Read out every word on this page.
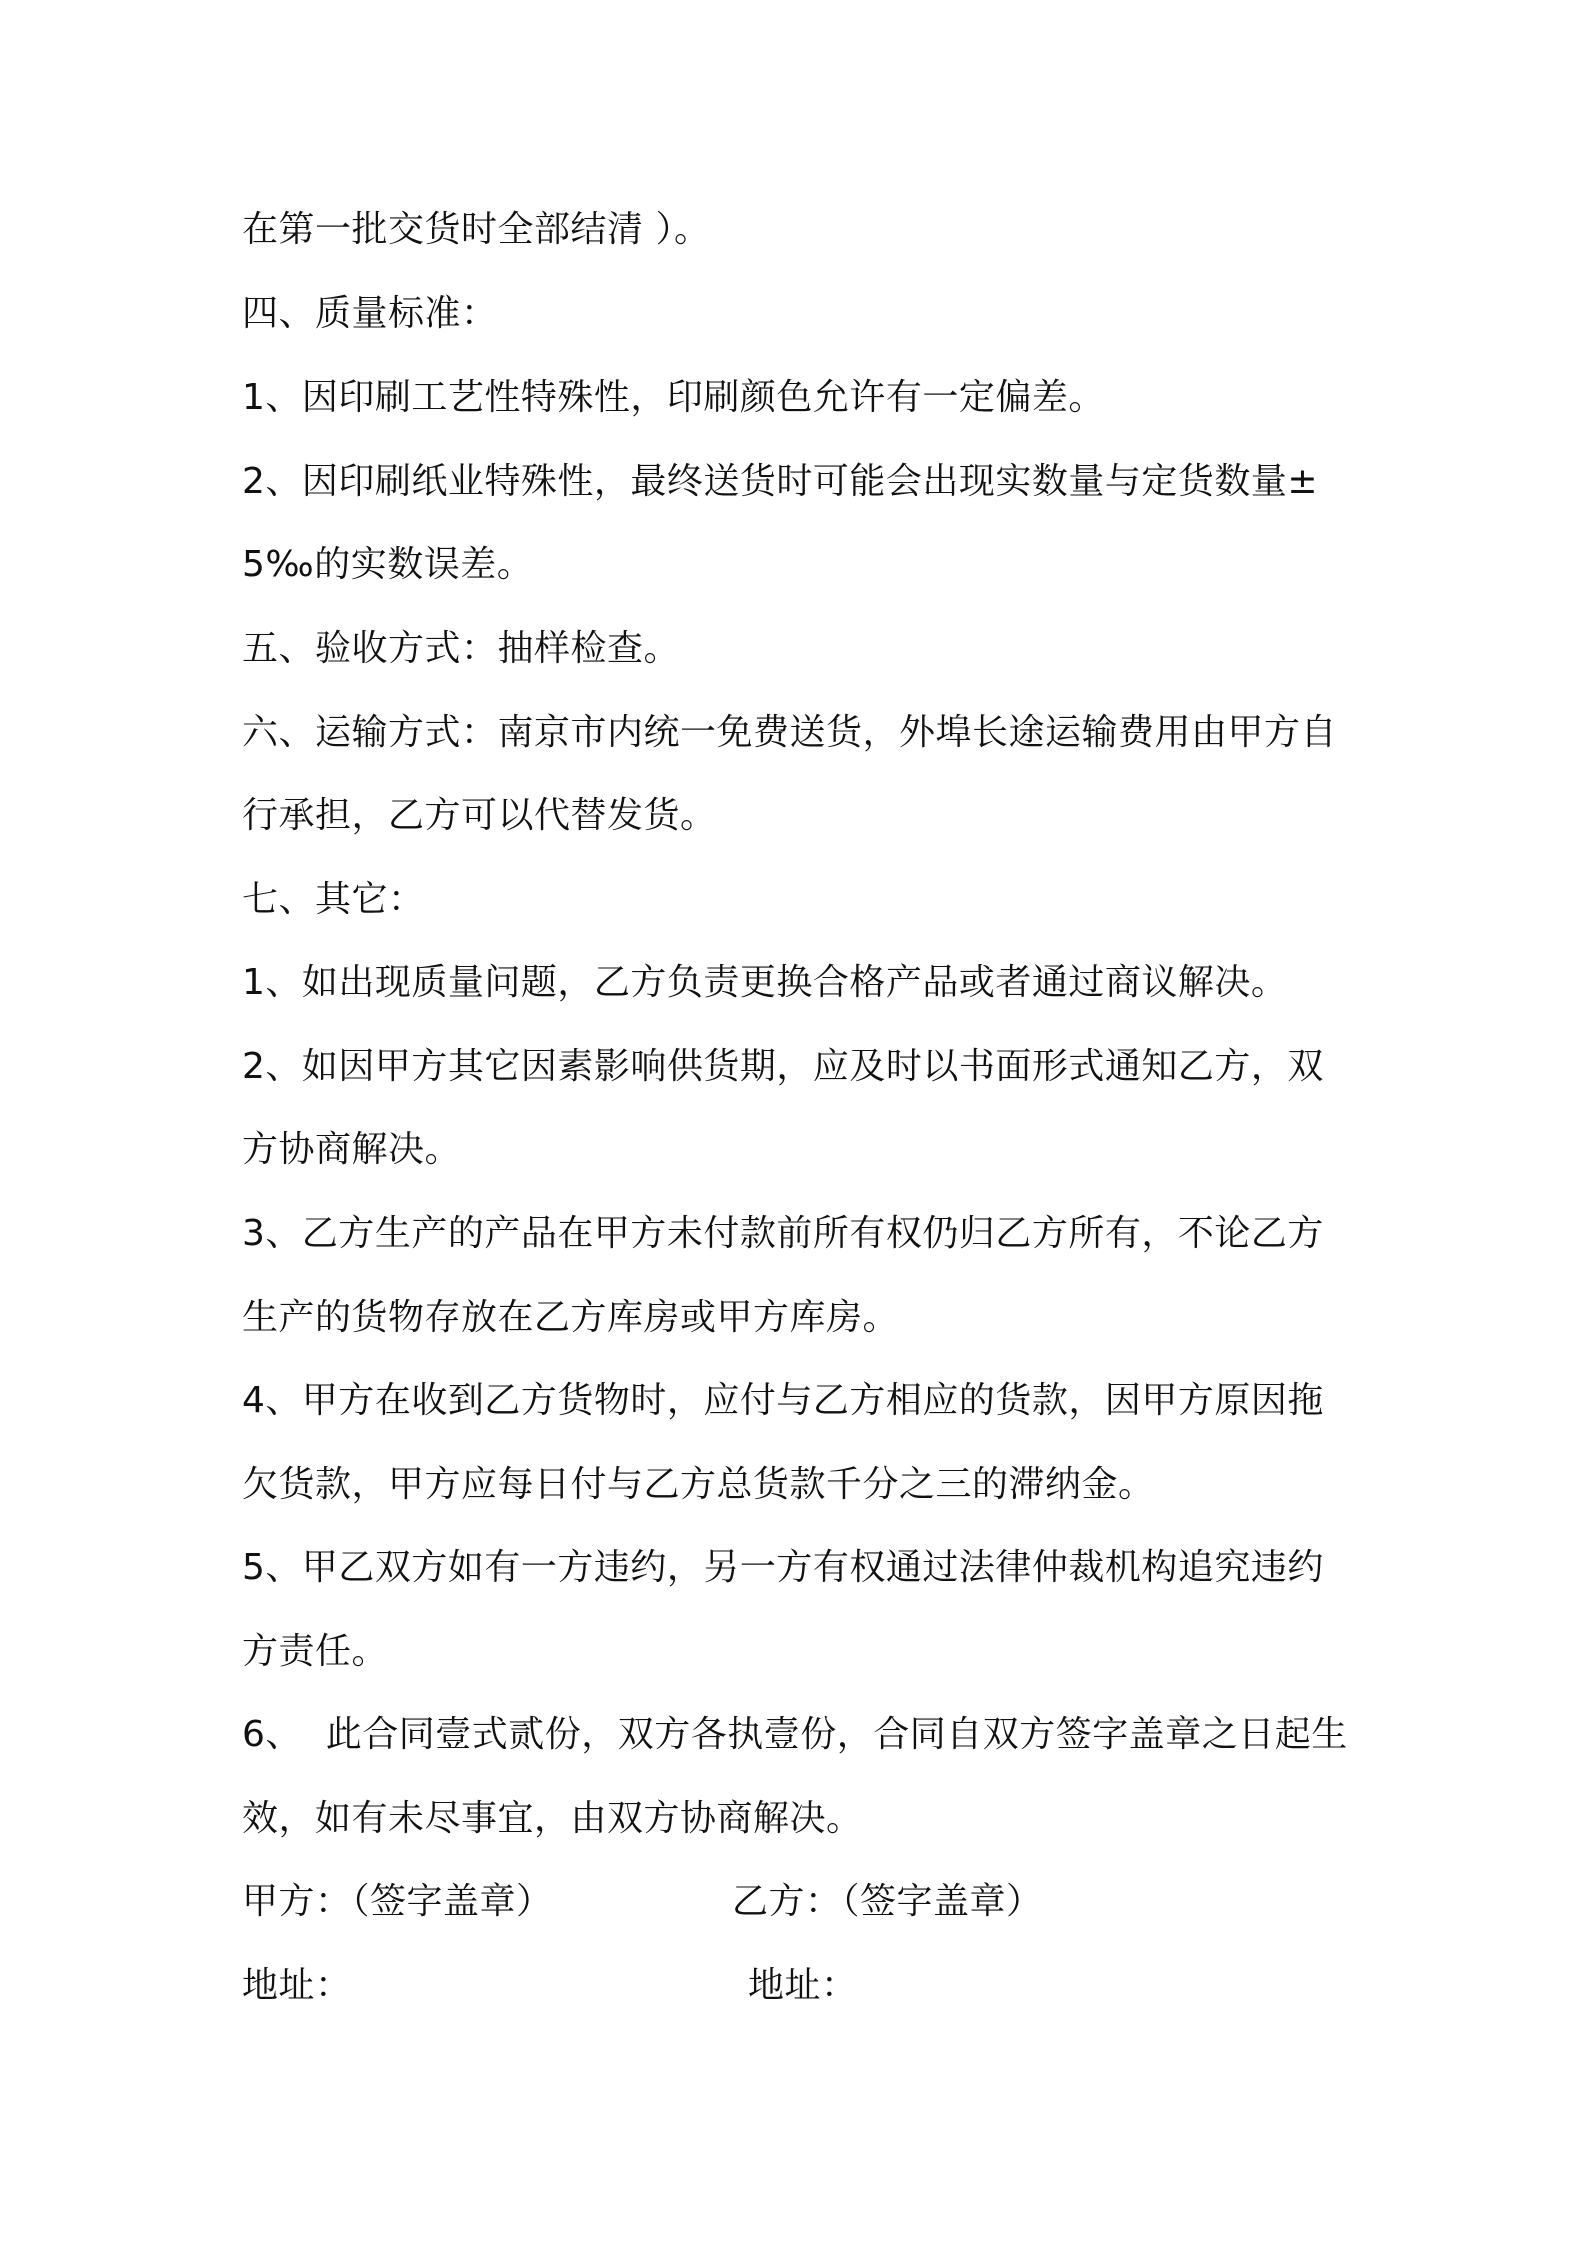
在第一批交货时全部结清 ）。
四、质量标准：
1、因印刷工艺性特殊性，印刷颜色允许有一定偏差。
2、因印刷纸业特殊性，最终送货时可能会出现实数量与定货数量±
5‰的实数误差。
五、验收方式：抽样检查。
六、运输方式：南京市内统一免费送货，外埠长途运输费用由甲方自
行承担，乙方可以代替发货。
七、其它：
1、如出现质量问题，乙方负责更换合格产品或者通过商议解决。
2、如因甲方其它因素影响供货期，应及时以书面形式通知乙方，双
方协商解决。
3、乙方生产的产品在甲方未付款前所有权仍归乙方所有，不论乙方
生产的货物存放在乙方库房或甲方库房。
4、甲方在收到乙方货物时，应付与乙方相应的货款，因甲方原因拖
欠货款，甲方应每日付与乙方总货款千分之三的滞纳金。
5、甲乙双方如有一方违约，另一方有权通过法律仲裁机构追究违约
方责任。
6、  此合同壹式贰份，双方各执壹份，合同自双方签字盖章之日起生
效，如有未尽事宜，由双方协商解决。
甲方：（签字盖章）	乙方：（签字盖章）
地址：	地址：
